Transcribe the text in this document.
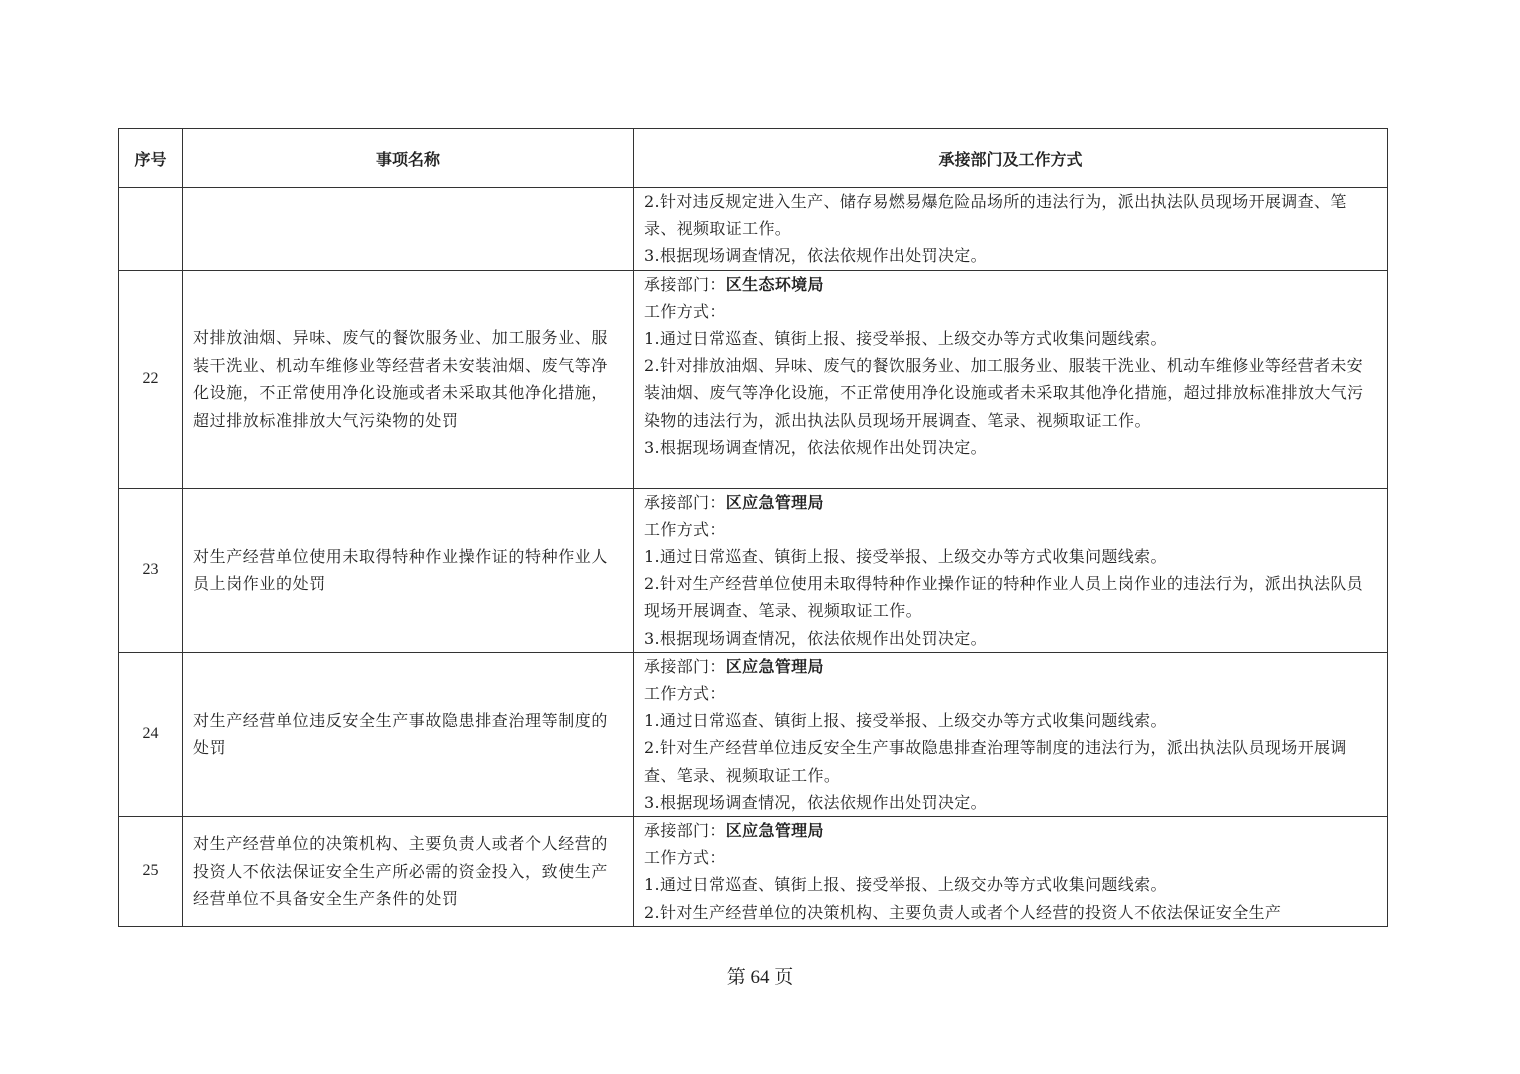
序号	事项名称	承接部门及工作方式

		2.针对违反规定进入生产、储存易燃易爆危险品场所的违法行为，派出执法队员现场开展调查、笔录、视频取证工作。
3.根据现场调查情况，依法依规作出处罚决定。

22	对排放油烟、异味、废气的餐饮服务业、加工服务业、服装干洗业、机动车维修业等经营者未安装油烟、废气等净化设施，不正常使用净化设施或者未采取其他净化措施，超过排放标准排放大气污染物的处罚	承接部门：区生态环境局
工作方式：
1.通过日常巡查、镇街上报、接受举报、上级交办等方式收集问题线索。
2.针对排放油烟、异味、废气的餐饮服务业、加工服务业、服装干洗业、机动车维修业等经营者未安装油烟、废气等净化设施，不正常使用净化设施或者未采取其他净化措施，超过排放标准排放大气污染物的违法行为，派出执法队员现场开展调查、笔录、视频取证工作。
3.根据现场调查情况，依法依规作出处罚决定。

23	对生产经营单位使用未取得特种作业操作证的特种作业人员上岗作业的处罚	承接部门：区应急管理局
工作方式：
1.通过日常巡查、镇街上报、接受举报、上级交办等方式收集问题线索。
2.针对生产经营单位使用未取得特种作业操作证的特种作业人员上岗作业的违法行为，派出执法队员现场开展调查、笔录、视频取证工作。
3.根据现场调查情况，依法依规作出处罚决定。

24	对生产经营单位违反安全生产事故隐患排查治理等制度的处罚	承接部门：区应急管理局
工作方式：
1.通过日常巡查、镇街上报、接受举报、上级交办等方式收集问题线索。
2.针对生产经营单位违反安全生产事故隐患排查治理等制度的违法行为，派出执法队员现场开展调查、笔录、视频取证工作。
3.根据现场调查情况，依法依规作出处罚决定。

25	对生产经营单位的决策机构、主要负责人或者个人经营的投资人不依法保证安全生产所必需的资金投入，致使生产经营单位不具备安全生产条件的处罚	承接部门：区应急管理局
工作方式：
1.通过日常巡查、镇街上报、接受举报、上级交办等方式收集问题线索。
2.针对生产经营单位的决策机构、主要负责人或者个人经营的投资人不依法保证安全生产
第 64 页
